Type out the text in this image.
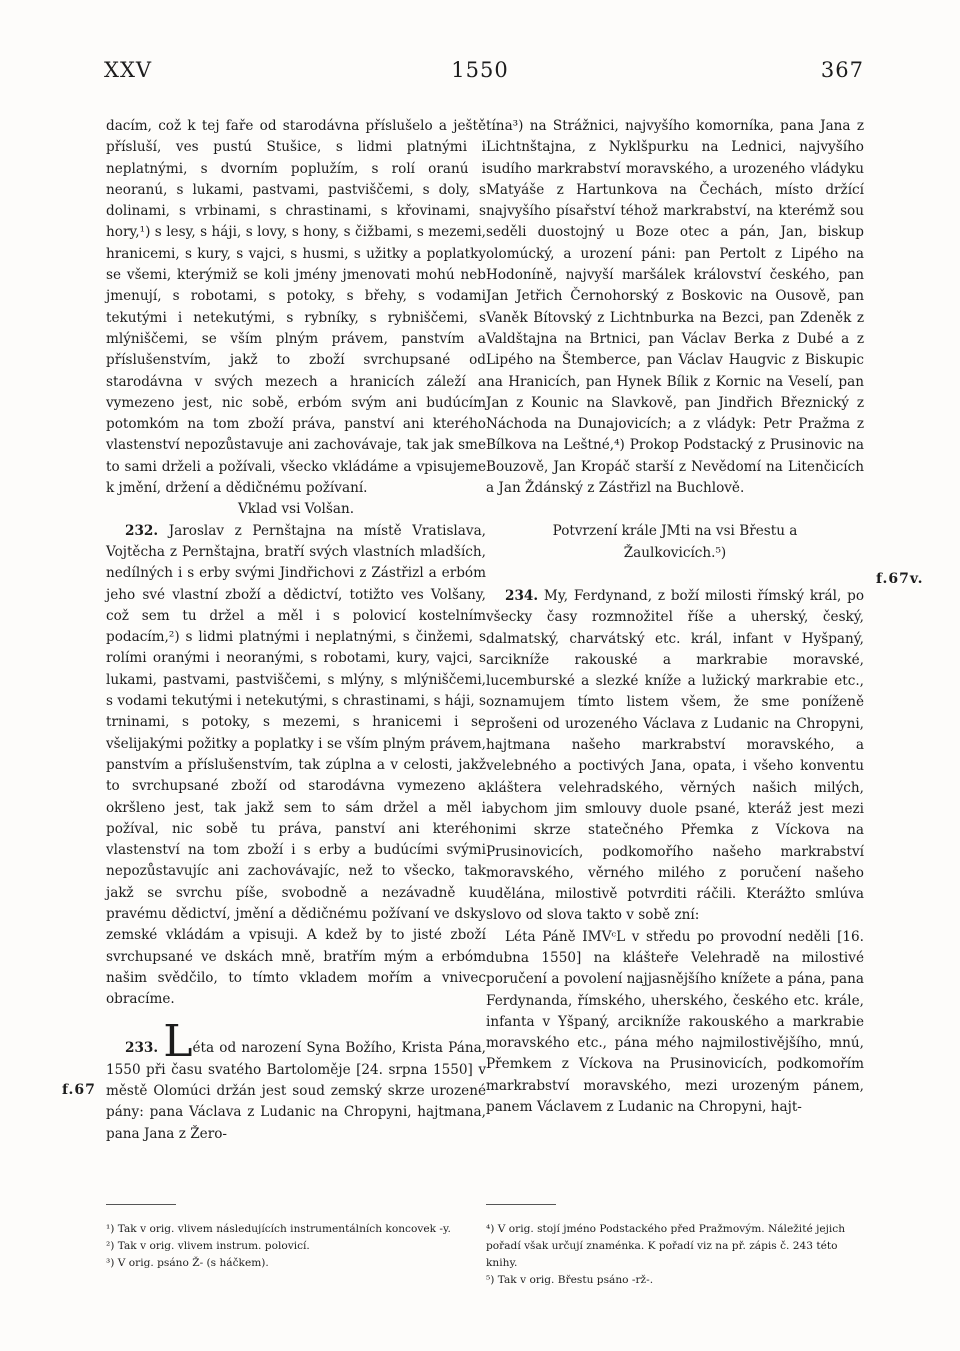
XXV	1550	367

dacím, což k tej faře od starodávna příslušelo a ještě přísluší, ves pustú Stušice, s lidmi platnými i neplatnými, s dvorním poplužím, s rolí oranú i neoranú, s lukami, pastvami, pastviščemi, s doly, s dolinami, s vrbinami, s chrastinami, s křovinami, s hory,¹) s lesy, s háji, s lovy, s hony, s čižbami, s mezemi, hranicemi, s kury, s vajci, s husmi, s užitky a poplatky se všemi, kterýmiž se koli jmény jmenovati mohú neb jmenují, s robotami, s potoky, s břehy, s vodami tekutými i netekutými, s rybníky, s rybniščemi, s mlýniščemi, se vším plným právem, panstvím a příslušenstvím, jakž to zboží svrchupsané od starodávna v svých mezech a hranicích záleží a vymezeno jest, nic sobě, erbóm svým ani budúcím potomkóm na tom zboží práva, panství ani kterého vlastenství nepozůstavuje ani zachovávaje, tak jak sme to sami drželi a požívali, všecko vkládáme a vpisujeme k jmění, držení a dědičnému požívaní.

Vklad vsi Volšan.

232. Jaroslav z Pernštajna na místě Vratislava, Vojtěcha z Pernštajna, bratří svých vlastních mladších, nedílných i s erby svými Jindřichovi z Zástřizl a erbóm jeho své vlastní zboží a dědictví, totižto ves Volšany, což sem tu držel a měl i s polovicí kostelním podacím,²) s lidmi platnými i neplatnými, s činžemi, s rolími oranými i neoranými, s robotami, kury, vajci, s lukami, pastvami, pastviščemi, s mlýny, s mlýniščemi, s vodami tekutými i netekutými, s chrastinami, s háji, s trninami, s potoky, s mezemi, s hranicemi i se všelijakými požitky a poplatky i se vším plným právem, panstvím a příslušenstvím, tak zúplna a v celosti, jakž to svrchupsané zboží od starodávna vymezeno a okršleno jest, tak jakž sem to sám držel a měl i požíval, nic sobě tu práva, panství ani kterého vlastenství na tom zboží i s erby a budúcími svými nepozůstavujíc ani zachovávajíc, než to všecko, tak jakž se svrchu píše, svobodně a nezávadně ku pravému dědictví, jmění a dědičnému požívaní ve dsky zemské vkládám a vpisuji. A kdež by to jisté zboží svrchupsané ve dskách mně, bratřím mým a erbóm našim svědčilo, to tímto vkladem mořím a vnivec obracíme.

233. Léta od narození Syna Božího, Krista Pána, 1550 při času svatého Bartoloměje [24. srpna 1550] v městě Olomúci držán jest soud zemský skrze urozené pány: pana Václava z Ludanic na Chropyni, hajtmana, pana Jana z Žero-

tína³) na Strážnici, najvyšího komorníka, pana Jana z Lichtnštajna, z Nyklšpurku na Lednici, najvyšího sudího markrabství moravského, a urozeného vládyku Matyáše z Hartunkova na Čechách, místo držící najvyšího písařství téhož markrabství, na kterémž sou seděli duostojný u Boze otec a pán, Jan, biskup olomúcký, a urození páni: pan Pertolt z Lipého na Hodoníně, najvyší maršálek království českého, pan Jan Jetřich Černohorský z Boskovic na Ousově, pan Vaněk Bítovský z Lichtnburka na Bezci, pan Zdeněk z Valdštajna na Brtnici, pan Václav Berka z Dubé a z Lipého na Štemberce, pan Václav Haugvic z Biskupic na Hranicích, pan Hynek Bílik z Kornic na Veselí, pan Jan z Kounic na Slavkově, pan Jindřich Březnický z Náchoda na Dunajovicích; a z vládyk: Petr Pražma z Bílkova na Leštné,⁴) Prokop Podstacký z Prusinovic na Bouzově, Jan Kropáč starší z Nevědomí na Litenčicích a Jan Ždánský z Zástřizl na Buchlově.

Potvrzení krále JMti na vsi Břestu a Žaulkovicích.⁵)

234. My, Ferdynand, z boží milosti římský král, po všecky časy rozmnožitel říše a uherský, český, dalmatský, charvátský etc. král, infant v Hyšpaný, arcikníže rakouské a markrabie moravské, lucemburské a slezké kníže a lužický markrabie etc., oznamujem tímto listem všem, že sme poníženě prošeni od urozeného Václava z Ludanic na Chropyni, hajtmana našeho markrabství moravského, a velebného a poctivých Jana, opata, i všeho konventu kláštera velehradského, věrných našich milých, abychom jim smlouvy duole psané, kteráž jest mezi nimi skrze statečného Přemka z Víckova na Prusinovicích, podkomořího našeho markrabství moravského, věrného milého z poručení našeho udělána, milostivě potvrditi ráčili. Kterážto smlúva slovo od slova takto v sobě zní:

Léta Páně IMVᶜL v středu po provodní neděli [16. dubna 1550] na klášteře Velehradě na milostivé poručení a povolení najjasnějšího knížete a pána, pana Ferdynanda, římského, uherského, českého etc. krále, infanta v Yšpaný, arcikníže rakouského a markrabie moravského etc., pána mého najmilostivějšího, mnú, Přemkem z Víckova na Prusinovicích, podkomořím markrabství moravského, mezi urozeným pánem, panem Václavem z Ludanic na Chropyni, hajt-

f.67
f.67v.

¹) Tak v orig. vlivem následujících instrumentálních koncovek -y.

²) Tak v orig. vlivem instrum. polovicí.

³) V orig. psáno Ž- (s háčkem).

⁴) V orig. stojí jméno Podstackého před Pražmovým. Náležité jejich pořadí však určují znaménka. K pořadí viz na př. zápis č. 243 této knihy.

⁵) Tak v orig. Břestu psáno -rž-.
